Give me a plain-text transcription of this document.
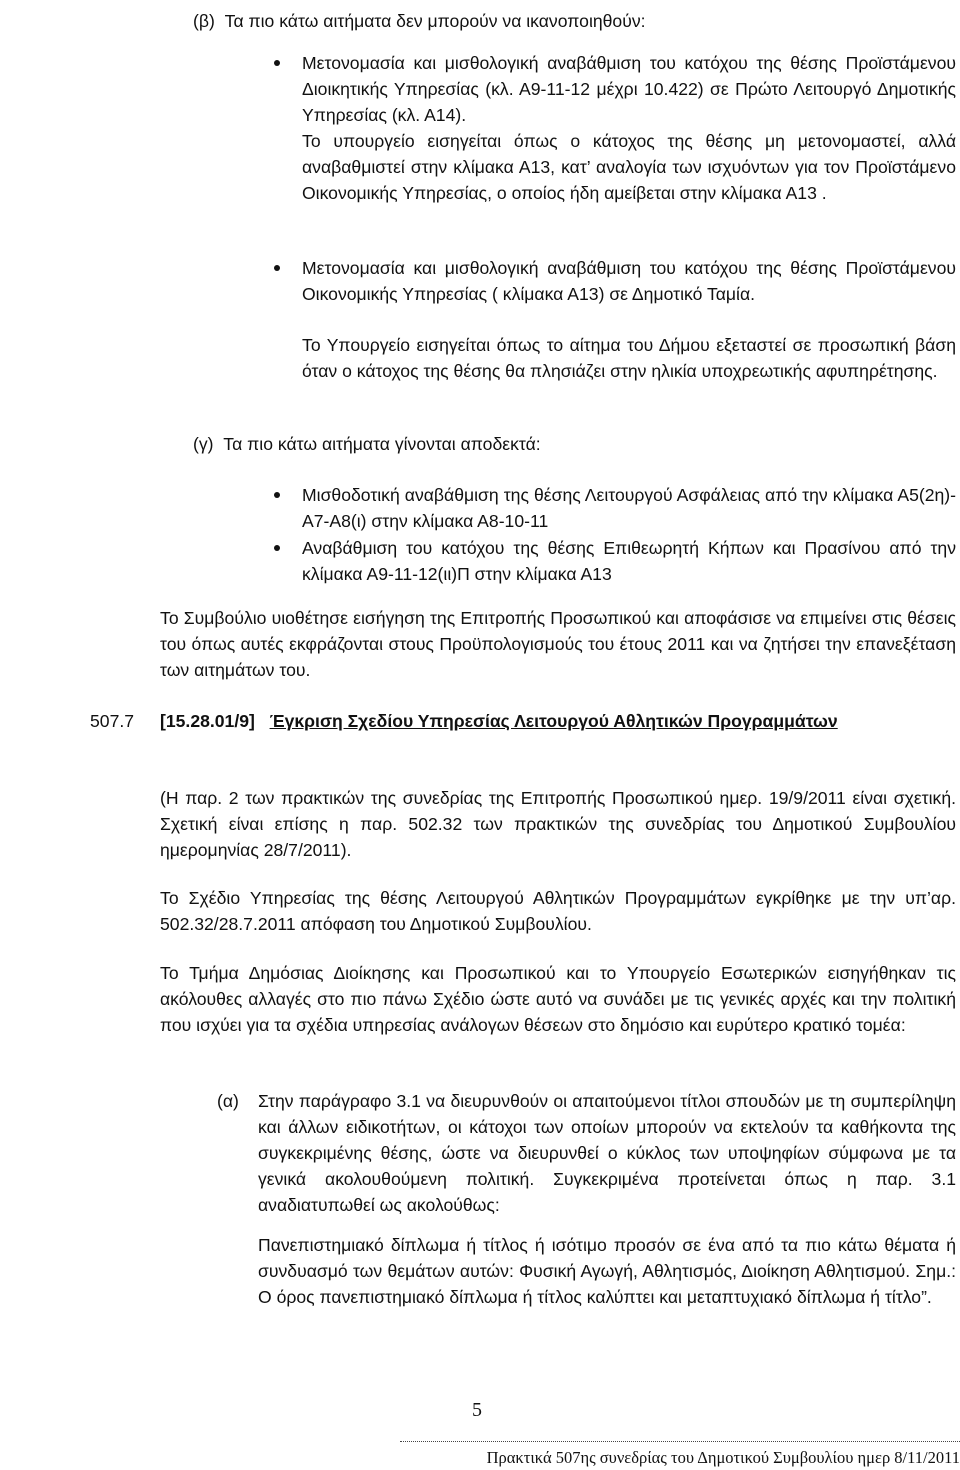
(β) Τα πιο κάτω αιτήματα δεν μπορούν να ικανοποιηθούν:

Μετονομασία και μισθολογική αναβάθμιση του κατόχου της θέσης Προϊστάμενου Διοικητικής Υπηρεσίας (κλ. Α9-11-12 μέχρι 10.422) σε Πρώτο Λειτουργό Δημοτικής Υπηρεσίας (κλ. Α14).

Το υπουργείο εισηγείται όπως ο κάτοχος της θέσης μη μετονομαστεί, αλλά αναβαθμιστεί στην κλίμακα Α13, κατ’ αναλογία των ισχυόντων για τον Προϊστάμενο Οικονομικής Υπηρεσίας, ο οποίος ήδη αμείβεται στην κλίμακα Α13 .

Μετονομασία και μισθολογική αναβάθμιση του κατόχου της θέσης Προϊστάμενου Οικονομικής Υπηρεσίας ( κλίμακα Α13) σε Δημοτικό Ταμία.

Το Υπουργείο εισηγείται όπως το αίτημα του Δήμου εξεταστεί σε προσωπική βάση όταν ο κάτοχος της θέσης θα πλησιάζει στην ηλικία υποχρεωτικής αφυπηρέτησης.

(γ) Τα πιο κάτω αιτήματα γίνονται αποδεκτά:

Μισθοδοτική αναβάθμιση της θέσης Λειτουργού Ασφάλειας από την κλίμακα Α5(2η)-Α7-Α8(ι) στην κλίμακα Α8-10-11

Αναβάθμιση του κατόχου της θέσης Επιθεωρητή Κήπων και Πρασίνου από την κλίμακα Α9-11-12(ιι)Π στην κλίμακα Α13

Το Συμβούλιο υιοθέτησε εισήγηση της Επιτροπής Προσωπικού και αποφάσισε να επιμείνει στις θέσεις του όπως αυτές εκφράζονται στους Προϋπολογισμούς του έτους 2011 και να ζητήσει την επανεξέταση των αιτημάτων του.

507.7 [15.28.01/9] Έγκριση Σχεδίου Υπηρεσίας Λειτουργού Αθλητικών Προγραμμάτων

(Η παρ. 2 των πρακτικών της συνεδρίας της Επιτροπής Προσωπικού ημερ. 19/9/2011 είναι σχετική. Σχετική είναι επίσης η παρ. 502.32 των πρακτικών της συνεδρίας του Δημοτικού Συμβουλίου ημερομηνίας 28/7/2011).

Το Σχέδιο Υπηρεσίας της θέσης Λειτουργού Αθλητικών Προγραμμάτων εγκρίθηκε με την υπ’αρ. 502.32/28.7.2011 απόφαση του Δημοτικού Συμβουλίου.

Το Τμήμα Δημόσιας Διοίκησης και Προσωπικού και το Υπουργείο Εσωτερικών εισηγήθηκαν τις ακόλουθες αλλαγές στο πιο πάνω Σχέδιο ώστε αυτό να συνάδει με τις γενικές αρχές και την πολιτική που ισχύει για τα σχέδια υπηρεσίας ανάλογων θέσεων στο δημόσιο και ευρύτερο κρατικό τομέα:

(α) Στην παράγραφο 3.1 να διευρυνθούν οι απαιτούμενοι τίτλοι σπουδών με τη συμπερίληψη και άλλων ειδικοτήτων, οι κάτοχοι των οποίων μπορούν να εκτελούν τα καθήκοντα της συγκεκριμένης θέσης, ώστε να διευρυνθεί ο κύκλος των υποψηφίων σύμφωνα με τα γενικά ακολουθούμενη πολιτική. Συγκεκριμένα προτείνεται όπως η παρ. 3.1 αναδιατυπωθεί ως ακολούθως:

Πανεπιστημιακό δίπλωμα ή τίτλος ή ισότιμο προσόν σε ένα από τα πιο κάτω θέματα ή συνδυασμό των θεμάτων αυτών: Φυσική Αγωγή, Αθλητισμός, Διοίκηση Αθλητισμού. Σημ.: Ο όρος πανεπιστημιακό δίπλωμα ή τίτλος καλύπτει και μεταπτυχιακό δίπλωμα ή τίτλο”.

5
Πρακτικά 507ης συνεδρίας του Δημοτικού Συμβουλίου ημερ 8/11/2011
